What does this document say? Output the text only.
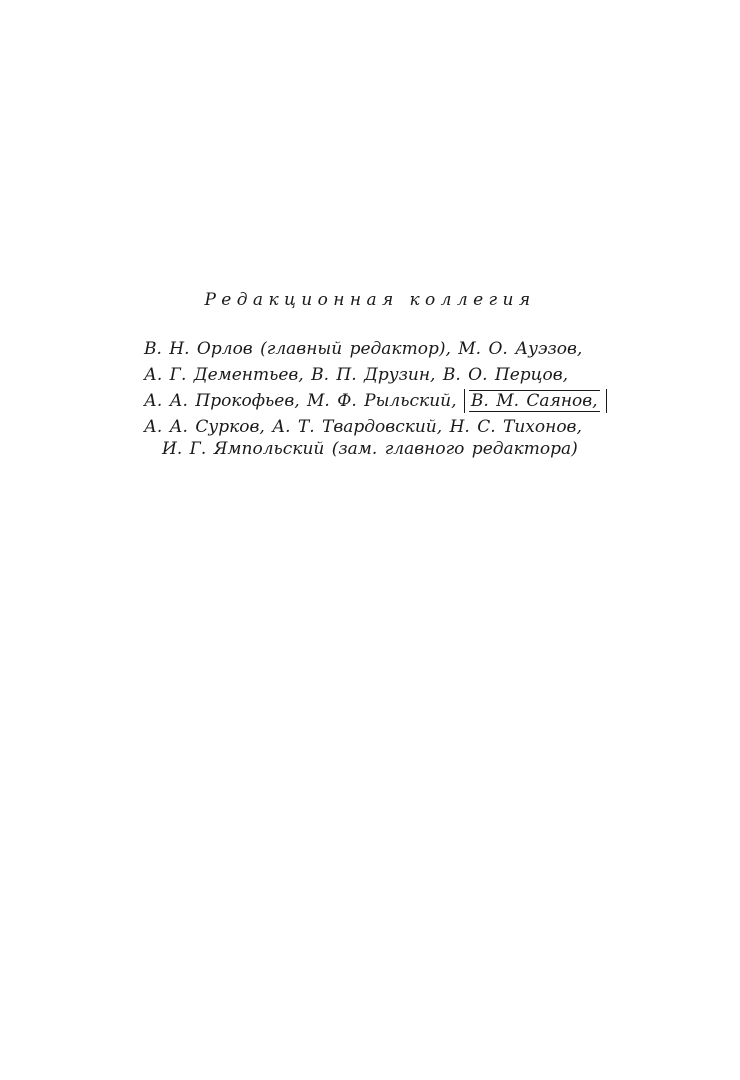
Редакционная коллегия
В. Н. Орлов (главный редактор), М. О. Ауэзов,
А. Г. Дементьев, В. П. Друзин, В. О. Перцов,
А. А. Прокофьев, М. Ф. Рыльский, В. М. Саянов,
А. А. Сурков, А. Т. Твардовский, Н. С. Тихонов,
И. Г. Ямпольский (зам. главного редактора)
